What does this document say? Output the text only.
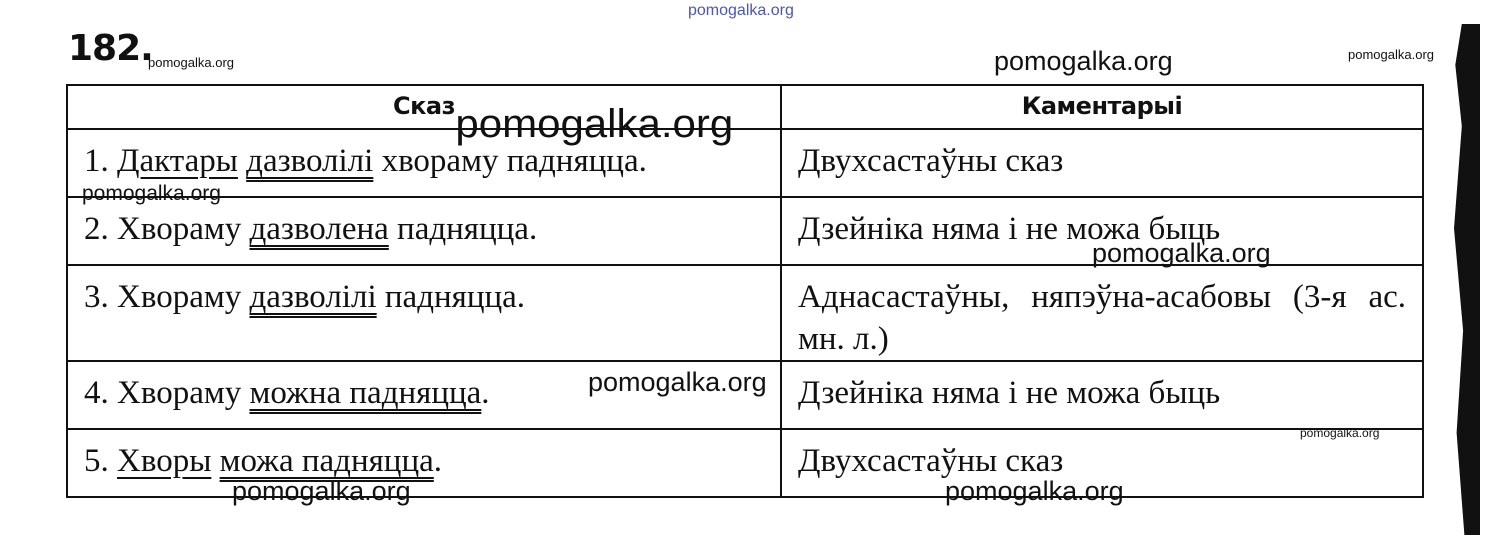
pomogalka.org
182.
pomogalka.org	pomogalka.org	pomogalka.org
Сказ	Каментарыі
1. Дактары дазволілі хвораму падняцца.	Двухсастаўны сказ
2. Хвораму дазволена падняцца.	Дзейніка няма і не можа быць
3. Хвораму дазволілі падняцца.	Аднасастаўны, няпэўна-асабовы (3-я ас. мн. л.)
4. Хвораму можна падняцца.	Дзейніка няма і не можа быць
5. Хворы можа падняцца.	Двухсастаўны сказ
pomogalka.org
pomogalka.org
pomogalka.org
pomogalka.org
pomogalka.org
pomogalka.org	pomogalka.org
